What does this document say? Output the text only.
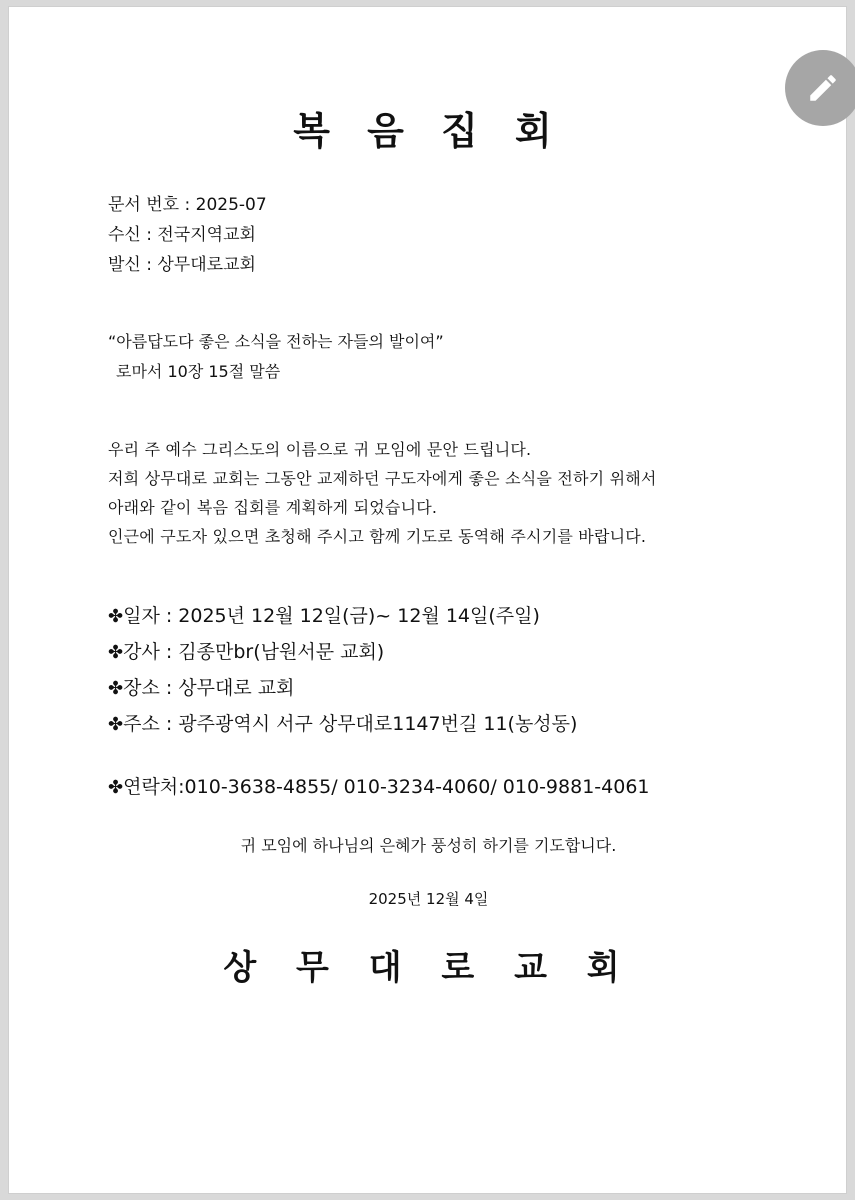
복 음 집 회
문서 번호 : 2025-07
수신 : 전국지역교회
발신 : 상무대로교회
“아름답도다 좋은 소식을 전하는 자들의 발이여”
로마서 10장 15절 말씀
우리 주 예수 그리스도의 이름으로 귀 모임에 문안 드립니다.
저희 상무대로 교회는 그동안 교제하던 구도자에게 좋은 소식을 전하기 위해서
아래와 같이 복음 집회를 계획하게 되었습니다.
인근에 구도자 있으면 초청해 주시고 함께 기도로 동역해 주시기를 바랍니다.
✤일자 : 2025년 12월 12일(금)~ 12월 14일(주일)
✤강사 : 김종만br(남원서문 교회)
✤장소 : 상무대로 교회
✤주소 : 광주광역시 서구 상무대로1147번길 11(농성동)
✤연락처:010-3638-4855/ 010-3234-4060/ 010-9881-4061
귀 모임에 하나님의 은혜가 풍성히 하기를 기도합니다.
2025년 12월 4일
상 무 대 로 교 회
